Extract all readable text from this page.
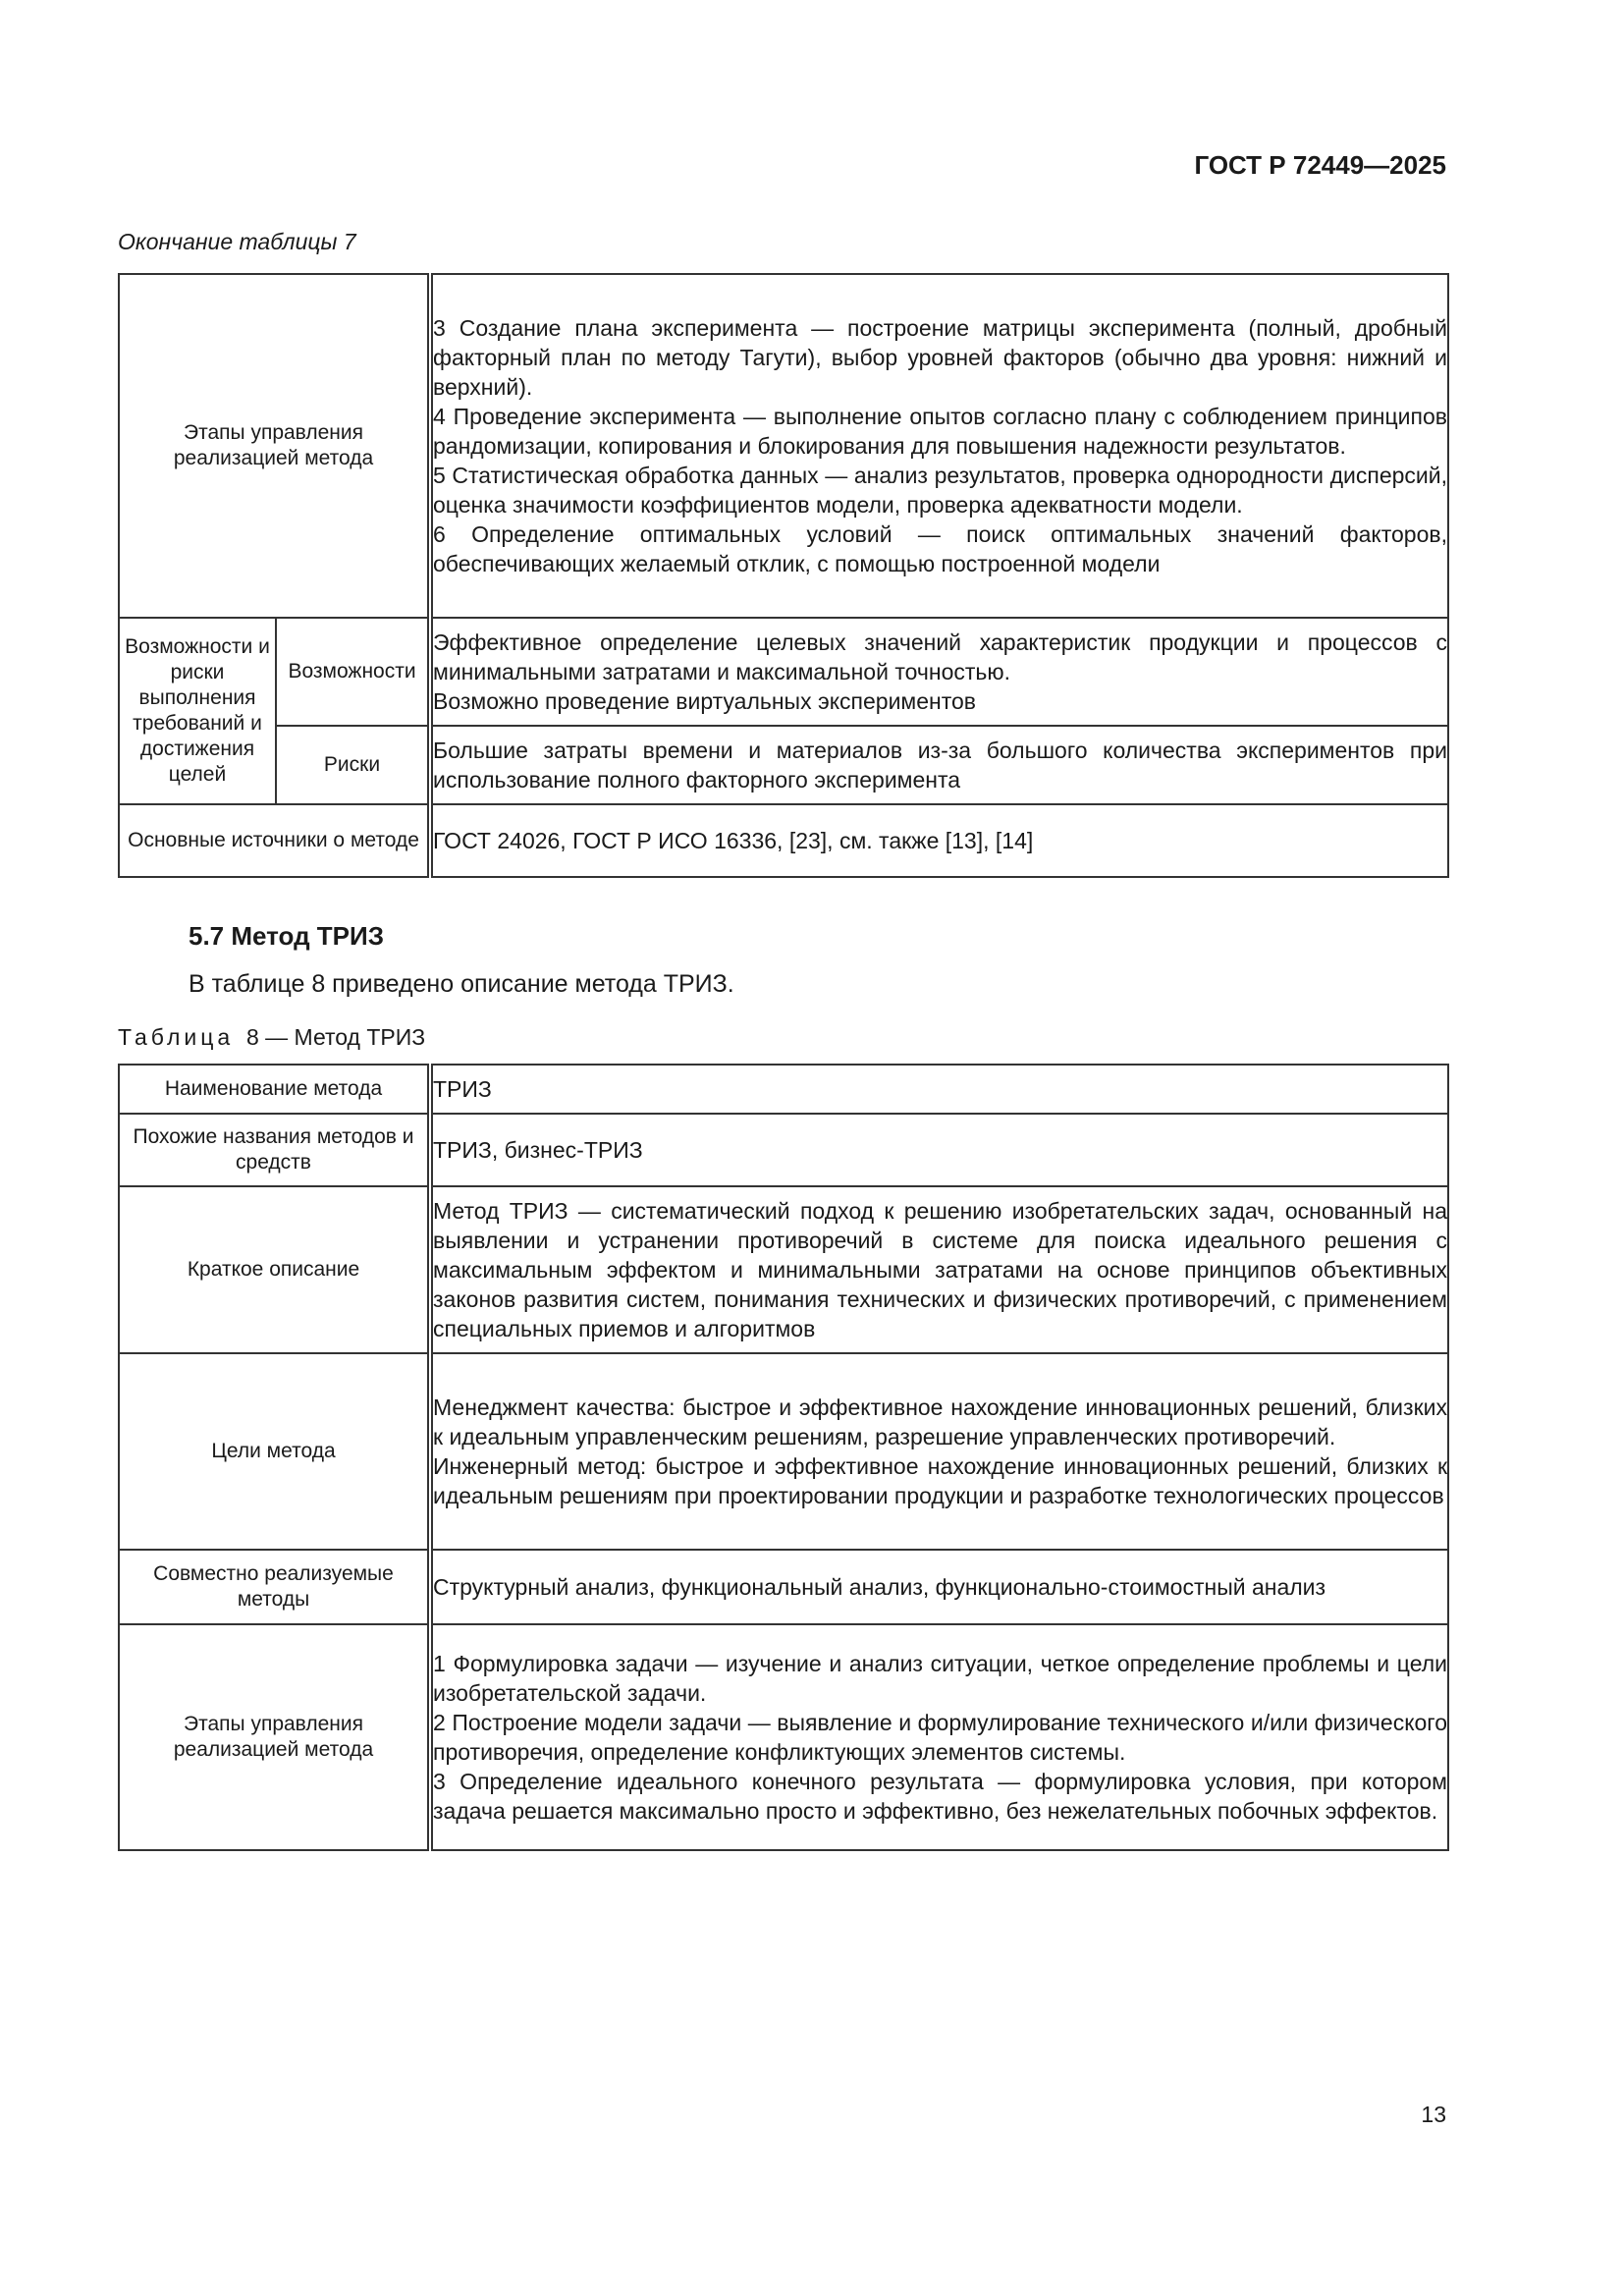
ГОСТ Р 72449—2025
Окончание таблицы 7
Этапы управления реализацией метода		3 Создание плана эксперимента — построение матрицы эксперимента (полный, дробный факторный план по методу Тагути), выбор уровней факторов (обычно два уровня: нижний и верхний).

4 Проведение эксперимента — выполнение опытов согласно плану с соблюдением принципов рандомизации, копирования и блокирования для повышения надежности результатов.

5 Статистическая обработка данных — анализ результатов, проверка однородности дисперсий, оценка значимости коэффициентов модели, проверка адекватности модели.

6 Определение оптимальных условий — поиск оптимальных значений факторов, обеспечивающих желаемый отклик, с помощью построенной модели

Возможности и риски выполнения требований и достижения целей	Возможности	Эффективное определение целевых значений характеристик продукции и процессов с минимальными затратами и максимальной точностью.

Возможно проведение виртуальных экспериментов

	Риски	Большие затраты времени и материалов из-за большого количества экспериментов при использование полного факторного эксперимента
Основные источники о методе		ГОСТ 24026, ГОСТ Р ИСО 16336, [23], см. также [13], [14]
5.7 Метод ТРИЗ
В таблице 8 приведено описание метода ТРИЗ.
Таблица 8 — Метод ТРИЗ
Наименование метода	ТРИЗ
Похожие названия методов и средств	ТРИЗ, бизнес-ТРИЗ
Краткое описание	Метод ТРИЗ — систематический подход к решению изобретательских задач, основанный на выявлении и устранении противоречий в системе для поиска идеального решения с максимальным эффектом и минимальными затратами на основе принципов объективных законов развития систем, понимания технических и физических противоречий, с применением специальных приемов и алгоритмов
Цели метода	Менеджмент качества: быстрое и эффективное нахождение инновационных решений, близких к идеальным управленческим решениям, разрешение управленческих противоречий.

Инженерный метод: быстрое и эффективное нахождение инновационных решений, близких к идеальным решениям при проектировании продукции и разработке технологических процессов

Совместно реализуемые методы	Структурный анализ, функциональный анализ, функционально-стоимостный анализ
Этапы управления реализацией метода	1 Формулировка задачи — изучение и анализ ситуации, четкое определение проблемы и цели изобретательской задачи.

2 Построение модели задачи — выявление и формулирование технического и/или физического противоречия, определение конфликтующих элементов системы.

3 Определение идеального конечного результата — формулировка условия, при котором задача решается максимально просто и эффективно, без нежелательных побочных эффектов.

13
